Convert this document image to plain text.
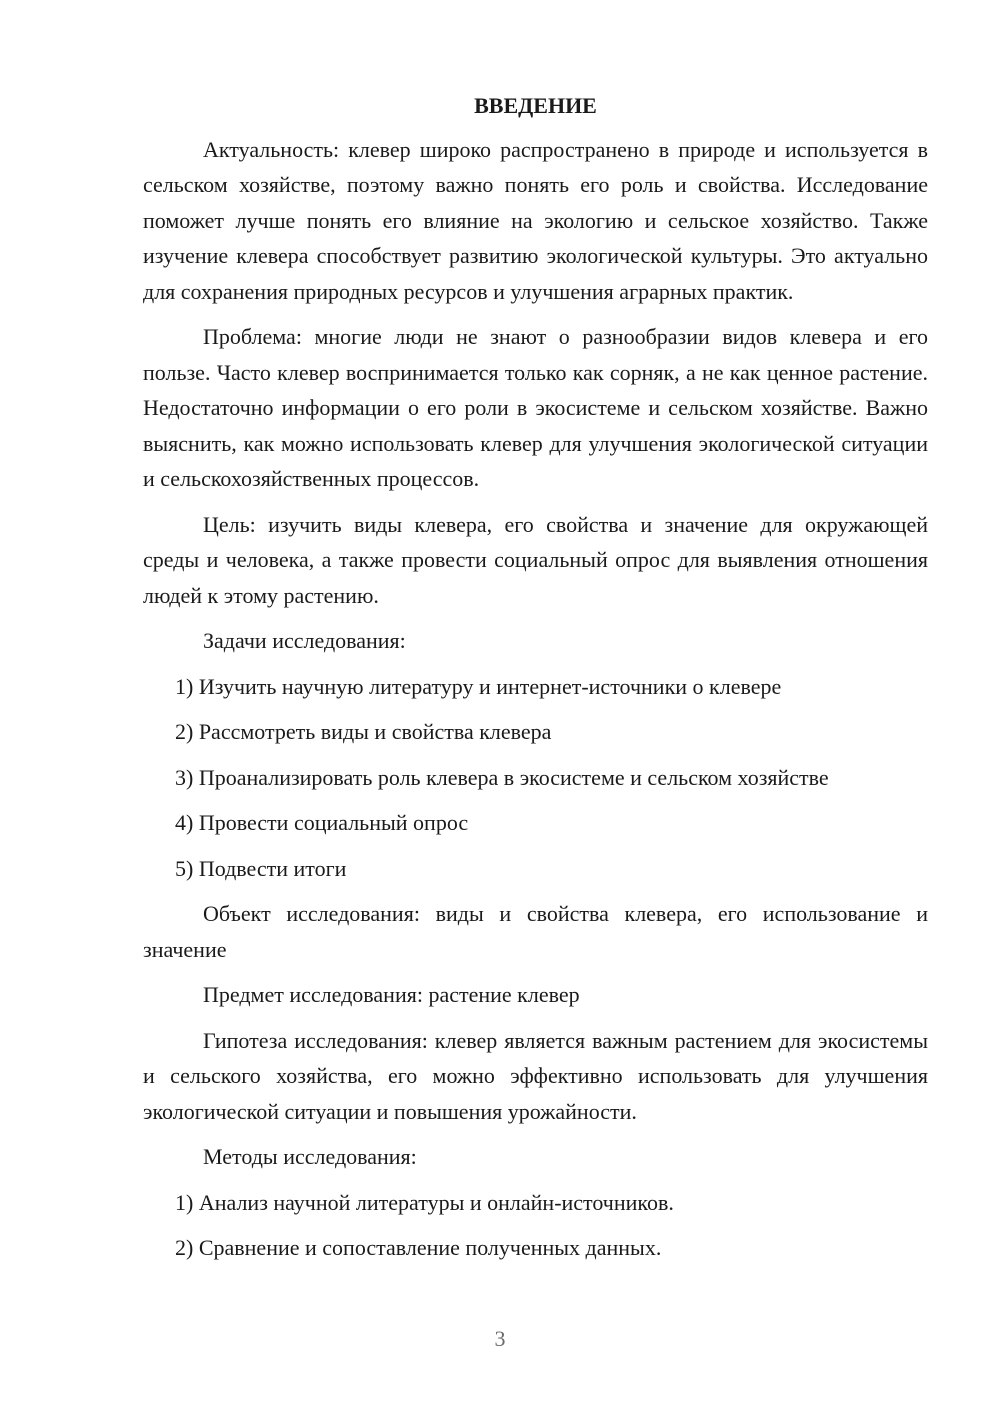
ВВЕДЕНИЕ
Актуальность: клевер широко распространено в природе и используется в сельском хозяйстве, поэтому важно понять его роль и свойства. Исследование поможет лучше понять его влияние на экологию и сельское хозяйство. Также изучение клевера способствует развитию экологической культуры. Это актуально для сохранения природных ресурсов и улучшения аграрных практик.
Проблема: многие люди не знают о разнообразии видов клевера и его пользе. Часто клевер воспринимается только как сорняк, а не как ценное растение. Недостаточно информации о его роли в экосистеме и сельском хозяйстве. Важно выяснить, как можно использовать клевер для улучшения экологической ситуации и сельскохозяйственных процессов.
Цель: изучить виды клевера, его свойства и значение для окружающей среды и человека, а также провести социальный опрос для выявления отношения людей к этому растению.
Задачи исследования:
1) Изучить научную литературу и интернет-источники о клевере
2) Рассмотреть виды и свойства клевера
3) Проанализировать роль клевера в экосистеме и сельском хозяйстве
4) Провести социальный опрос
5) Подвести итоги
Объект исследования: виды и свойства клевера, его использование и значение
Предмет исследования: растение клевер
Гипотеза исследования: клевер является важным растением для экосистемы и сельского хозяйства, его можно эффективно использовать для улучшения экологической ситуации и повышения урожайности.
Методы исследования:
1) Анализ научной литературы и онлайн-источников.
2) Сравнение и сопоставление полученных данных.
3
